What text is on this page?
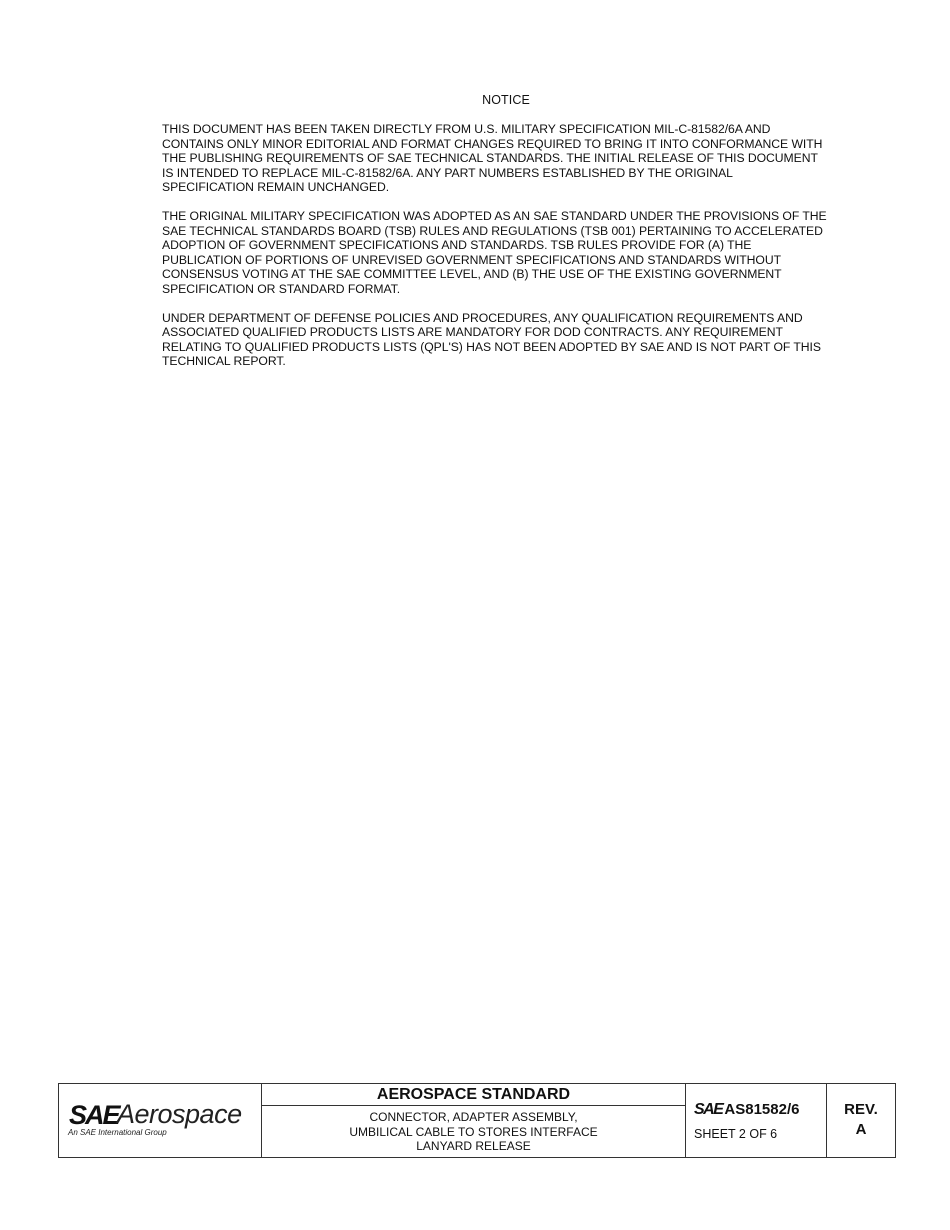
NOTICE

THIS DOCUMENT HAS BEEN TAKEN DIRECTLY FROM U.S. MILITARY SPECIFICATION MIL-C-81582/6A AND
CONTAINS ONLY MINOR EDITORIAL AND FORMAT CHANGES REQUIRED TO BRING IT INTO CONFORMANCE WITH
THE PUBLISHING REQUIREMENTS OF SAE TECHNICAL STANDARDS. THE INITIAL RELEASE OF THIS DOCUMENT
IS INTENDED TO REPLACE MIL-C-81582/6A. ANY PART NUMBERS ESTABLISHED BY THE ORIGINAL
SPECIFICATION REMAIN UNCHANGED.

THE ORIGINAL MILITARY SPECIFICATION WAS ADOPTED AS AN SAE STANDARD UNDER THE PROVISIONS OF THE
SAE TECHNICAL STANDARDS BOARD (TSB) RULES AND REGULATIONS (TSB 001) PERTAINING TO ACCELERATED
ADOPTION OF GOVERNMENT SPECIFICATIONS AND STANDARDS. TSB RULES PROVIDE FOR (A) THE
PUBLICATION OF PORTIONS OF UNREVISED GOVERNMENT SPECIFICATIONS AND STANDARDS WITHOUT
CONSENSUS VOTING AT THE SAE COMMITTEE LEVEL, AND (B) THE USE OF THE EXISTING GOVERNMENT
SPECIFICATION OR STANDARD FORMAT.

UNDER DEPARTMENT OF DEFENSE POLICIES AND PROCEDURES, ANY QUALIFICATION REQUIREMENTS AND
ASSOCIATED QUALIFIED PRODUCTS LISTS ARE MANDATORY FOR DOD CONTRACTS. ANY REQUIREMENT
RELATING TO QUALIFIED PRODUCTS LISTS (QPL'S) HAS NOT BEEN ADOPTED BY SAE AND IS NOT PART OF THIS
TECHNICAL REPORT.

SAE
Aerospace
An SAE International Group
AEROSPACE STANDARD
CONNECTOR, ADAPTER ASSEMBLY,
UMBILICAL CABLE TO STORES INTERFACE
LANYARD RELEASE
SAE AS81582/6
SHEET 2 OF 6
REV.
A
